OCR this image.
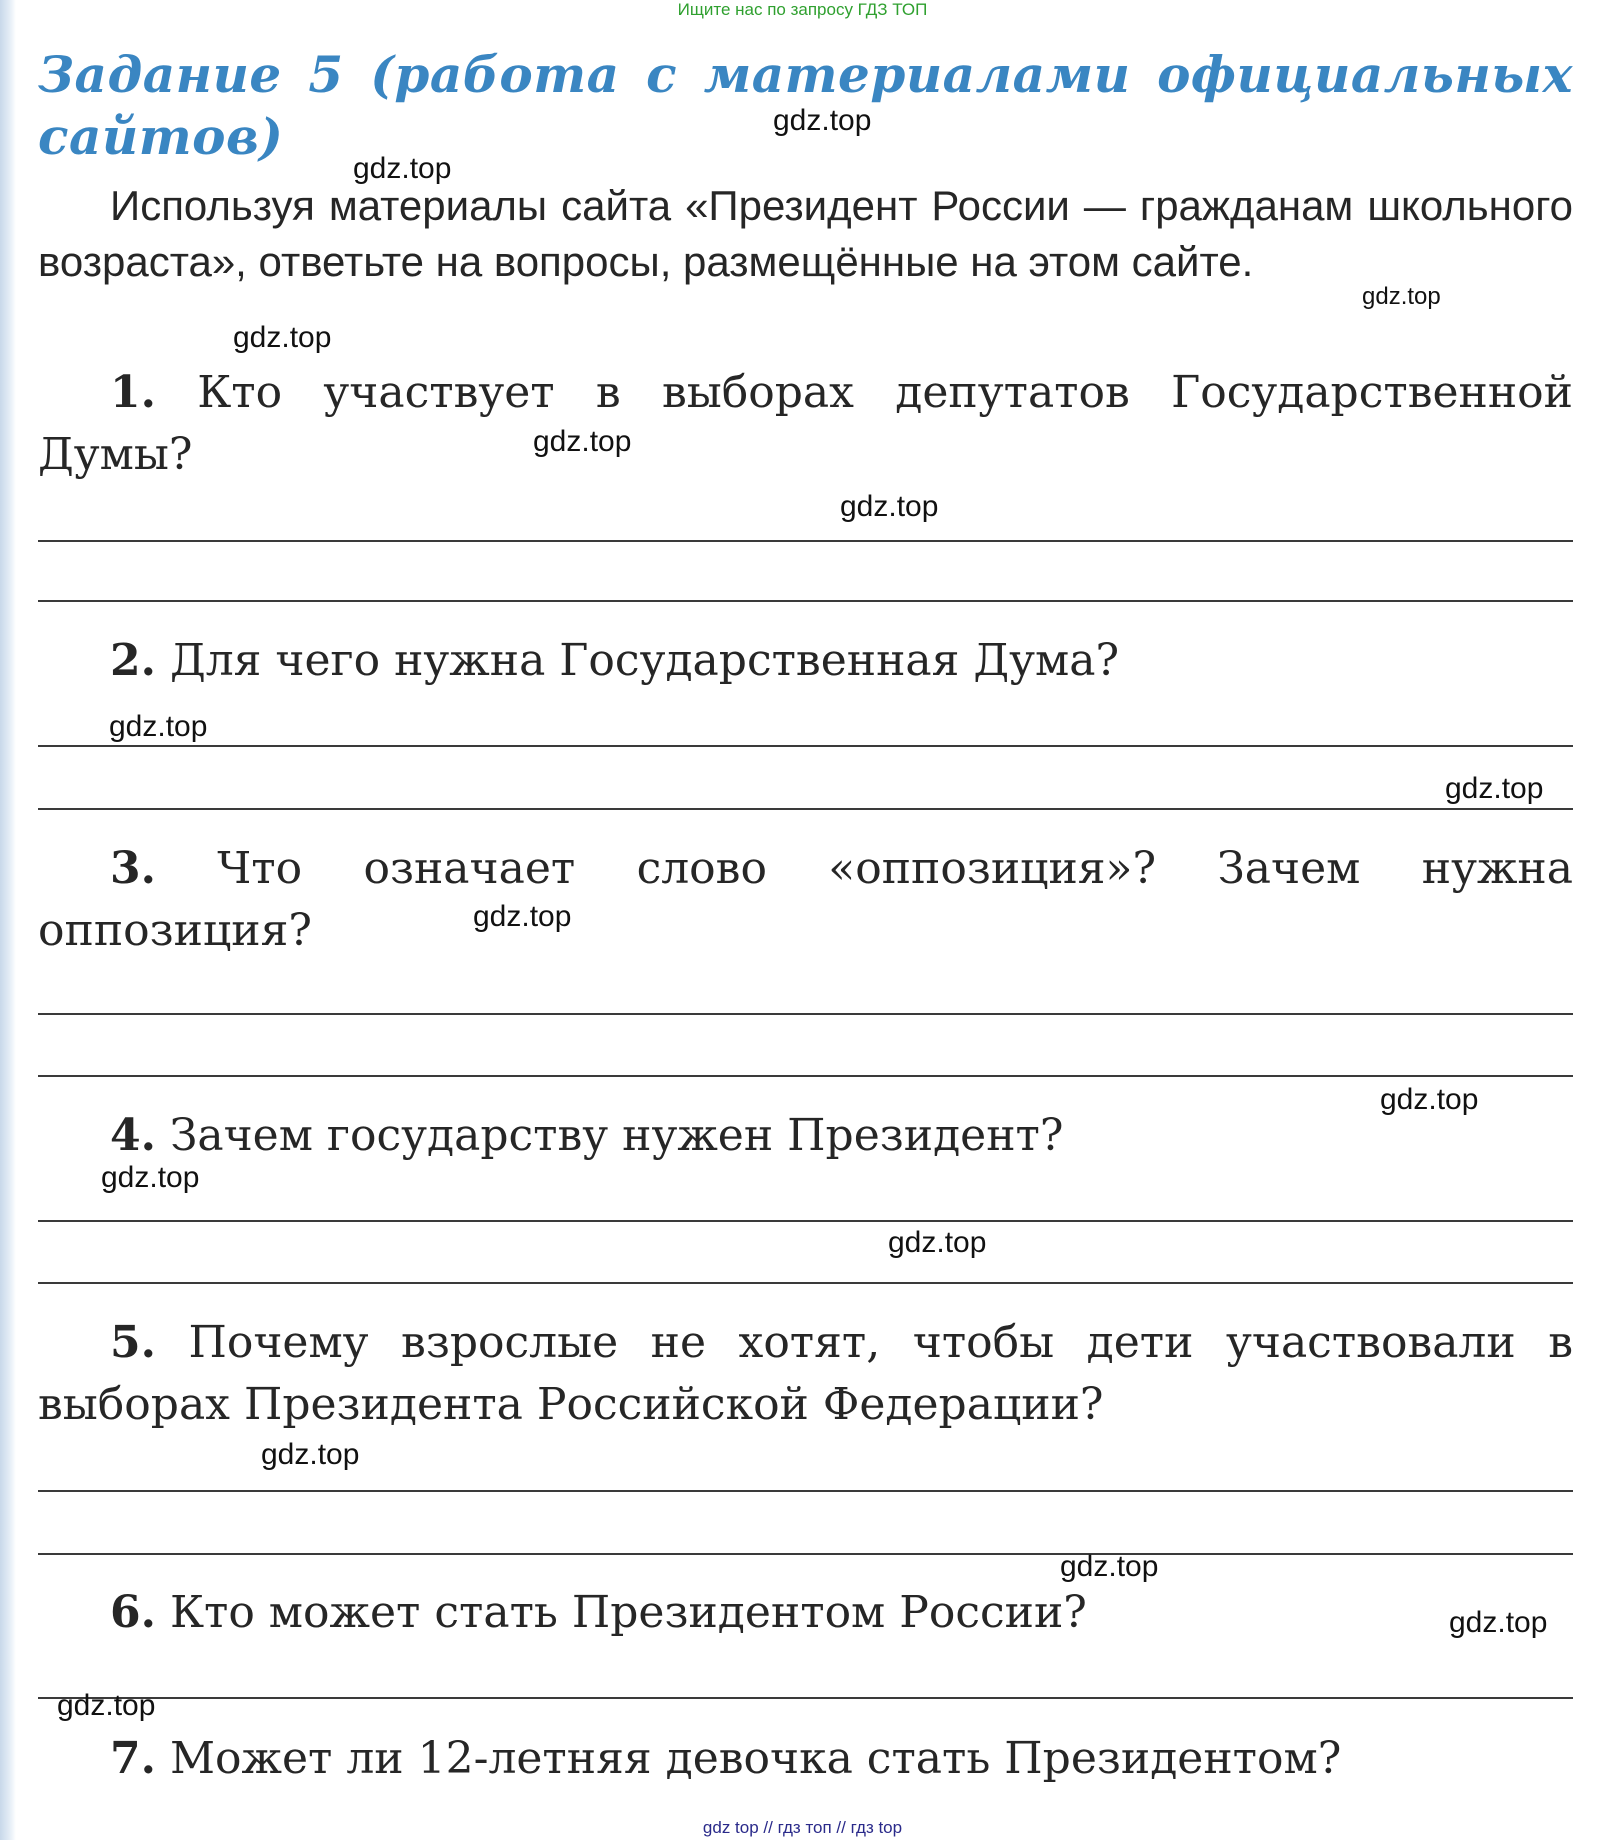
Ищите нас по запросу ГДЗ ТОП
Задание 5 (работа с материалами официальных сайтов)
Используя материалы сайта «Президент России — гражданам школьного возраста», ответьте на вопросы, размещённые на этом сайте.
1. Кто участвует в выборах депутатов Государственной Думы?
2. Для чего нужна Государственная Дума?
3. Что означает слово «оппозиция»? Зачем нужна оппозиция?
4. Зачем государству нужен Президент?
5. Почему взрослые не хотят, чтобы дети участвовали в выборах Президента Российской Федерации?
6. Кто может стать Президентом России?
7. Может ли 12-летняя девочка стать Президентом?
gdz.top
gdz.top
gdz.top
gdz.top
gdz.top
gdz.top
gdz.top
gdz.top
gdz.top
gdz.top
gdz.top
gdz.top
gdz.top
gdz.top
gdz.top
gdz.top
gdz top // гдз топ // гдз top
